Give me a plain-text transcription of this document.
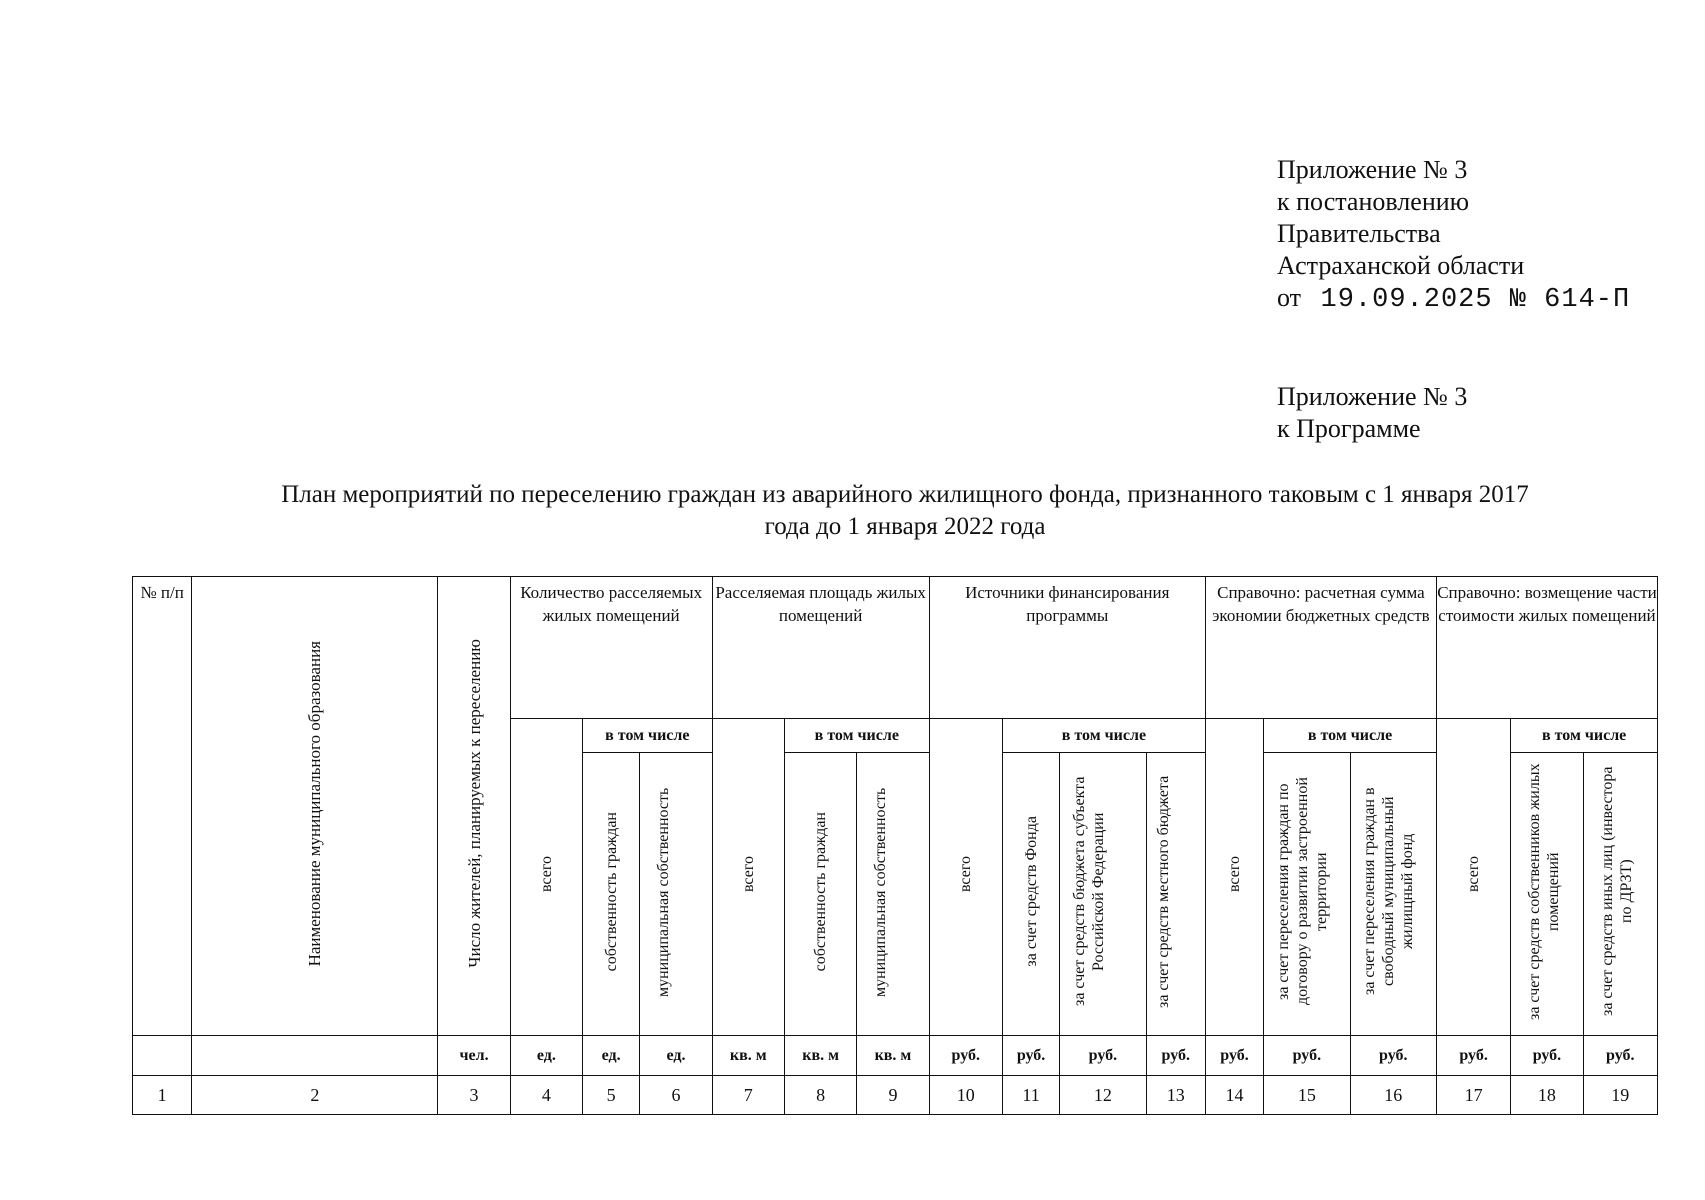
Приложение № 3
к постановлению
Правительства
Астраханской области
от 19.09.2025 № 614-П
Приложение № 3
к Программе
План мероприятий по переселению граждан из аварийного жилищного фонда, признанного таковым с 1 января 2017
года до 1 января 2022 года
№ п/п	Наименование муниципального образования	Число жителей, планируемых к переселению	Количество расселяемых жилых помещений			Расселяемая площадь жилых помещений			Источники финансирования программы				Справочно: расчетная сумма экономии бюджетных средств			Справочно: возмещение части стоимости жилых помещений		
			всего	в том числе		всего	в том числе		всего	в том числе			всего	в том числе		всего	в том числе	
				собственность граждан	муниципальная собственность		собственность граждан	муниципальная собственность		за счет средств Фонда	за счет средств бюджета субъекта Российской Федерации	за счет средств местного бюджета		за счет переселения граждан по договору о развитии застроенной территории	за счет переселения граждан в свободный муниципальный жилищный фонд		за счет средств собственников жилых помещений	за счет средств иных лиц (инвестора по ДРЗТ)
		чел.	ед.	ед.	ед.	кв. м	кв. м	кв. м	руб.	руб.	руб.	руб.	руб.	руб.	руб.	руб.	руб.	руб.
1	2	3	4	5	6	7	8	9	10	11	12	13	14	15	16	17	18	19
